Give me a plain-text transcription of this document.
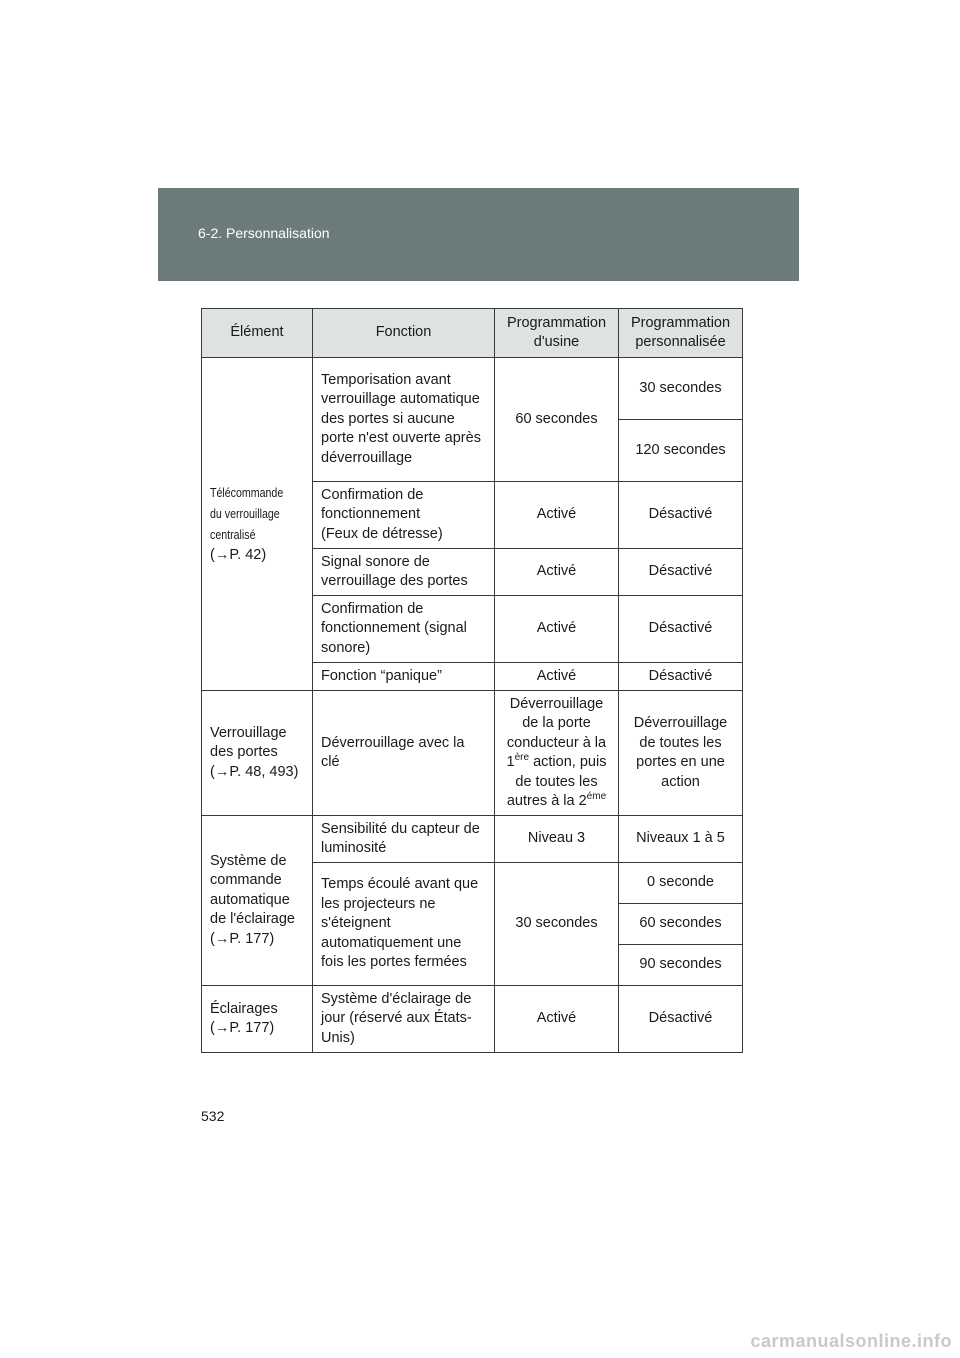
6-2. Personnalisation
Élément	Fonction	Programmation d'usine	Programmation personnalisée
Télécommande
du verrouillage
centralisé
(→P. 42)	Temporisation avant verrouillage automatique des portes si aucune porte n'est ouverte après déverrouillage	60 secondes	30 secondes
			120 secondes
	Confirmation de
fonctionnement
(Feux de détresse)	Activé	Désactivé
	Signal sonore de verrouillage des portes	Activé	Désactivé
	Confirmation de fonctionnement (signal sonore)	Activé	Désactivé
	Fonction “panique”	Activé	Désactivé
Verrouillage des portes
(→P. 48, 493)	Déverrouillage avec la clé	Déverrouillage de la porte conducteur à la 1ère action, puis de toutes les autres à la $2^{éme}$	Déverrouillage de toutes les portes en une action
Système de commande automatique de l'éclairage
(→P. 177)	Sensibilité du capteur de luminosité	Niveau 3	Niveaux 1 à 5
	Temps écoulé avant que les projecteurs ne s'éteignent automatiquement une fois les portes fermées	30 secondes	0 seconde
			60 secondes
			90 secondes
Éclairages
(→P. 177)	Système d'éclairage de jour (réservé aux États-Unis)	Activé	Désactivé
532
carmanualsonline.info
